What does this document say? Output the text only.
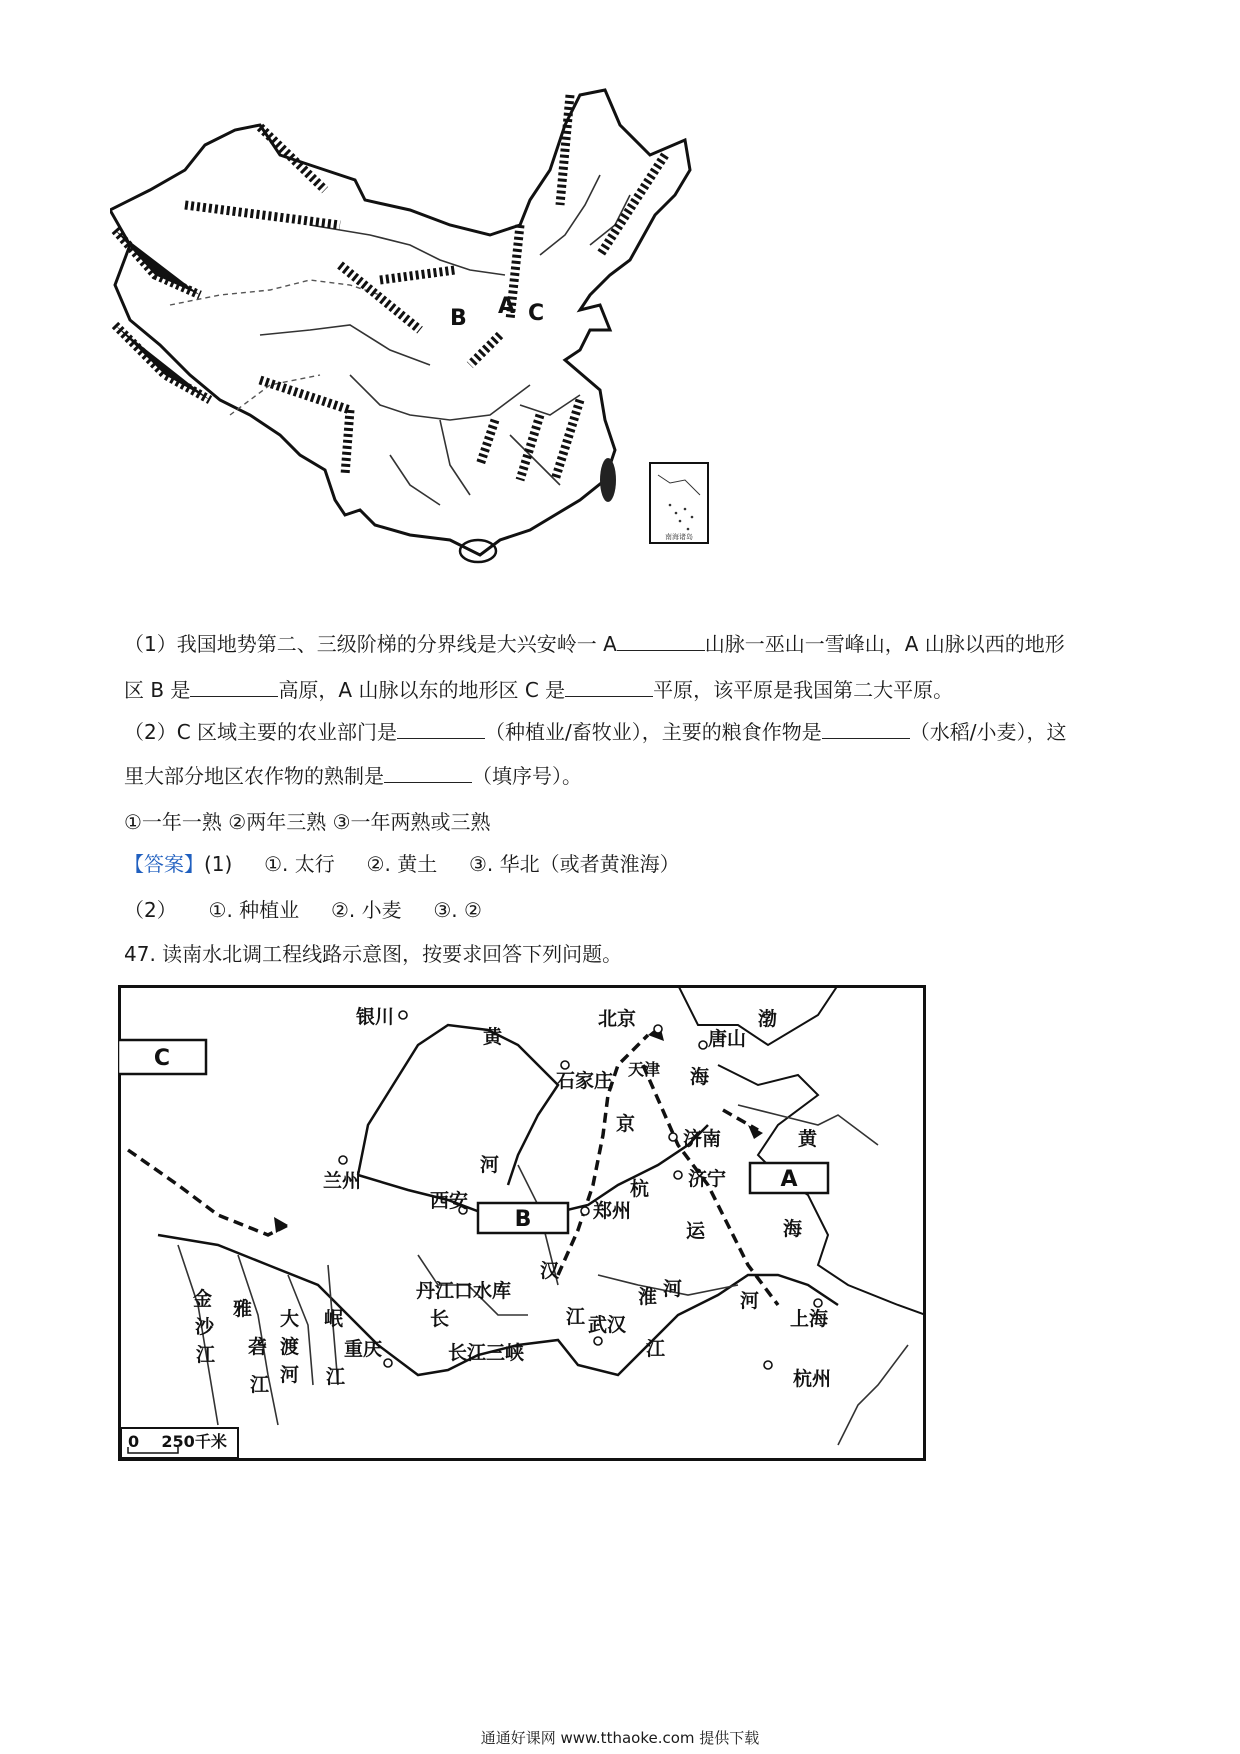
南海诸岛
A
B	C
（1）我国地势第二、三级阶梯的分界线是大兴安岭一 A	山脉一巫山一雪峰山，A 山脉以西的地形
区 B 是	高原，A 山脉以东的地形区 C 是	平原，该平原是我国第二大平原。
（2）C 区域主要的农业部门是	（种植业/畜牧业），主要的粮食作物是	（水稻/小麦），这
里大部分地区农作物的熟制是	（填序号）。
①一年一熟 ②两年三熟 ③一年两熟或三熟
【答案】(1)     ①. 太行     ②. 黄土     ③. 华北（或者黄淮海）
（2）     ①. 种植业     ②. 小麦     ③. ②
47. 读南水北调工程线路示意图，按要求回答下列问题。
C
B
A
北京
唐山
天津
石家庄
济南
济宁
郑州
西安
兰州
银川
武汉
重庆
上海
杭州
黄
河
渤
海
黄
海
京
杭
运
河
丹江口水库
汉
江
淮 河
长
江
长江三峡
金
沙
江
雅
砻
江
大
渡
河
岷
江
0    250千米
通通好课网 www.tthaoke.com 提供下载
